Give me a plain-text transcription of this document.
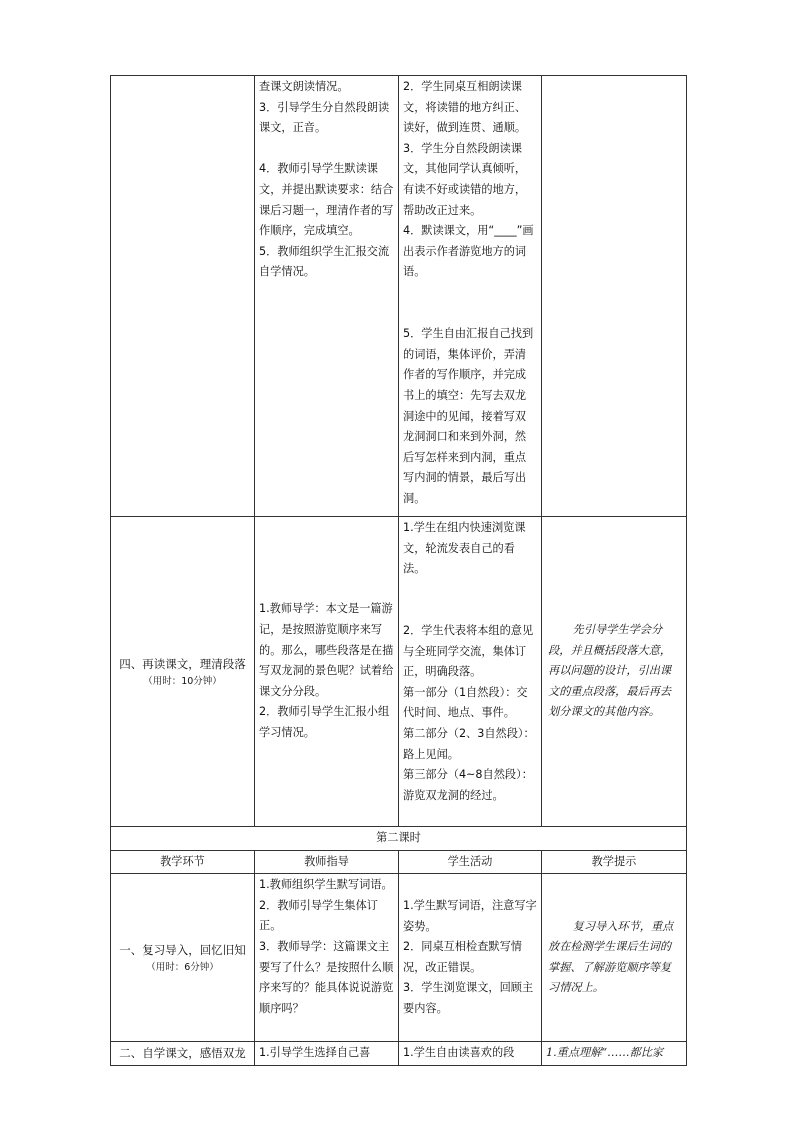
	查课文朗读情况。
3．引导学生分自然段朗读课文，正音。

4．教师引导学生默读课文，并提出默读要求：结合课后习题一，理清作者的写作顺序，完成填空。
5．教师组织学生汇报交流自学情况。	2．学生同桌互相朗读课文，将读错的地方纠正、读好，做到连贯、通顺。
3．学生分自然段朗读课文，其他同学认真倾听，有读不好或读错的地方，帮助改正过来。
4．默读课文，用“____”画出表示作者游览地方的词语。

5．学生自由汇报自己找到的词语，集体评价，弄清作者的写作顺序，并完成书上的填空：先写去双龙洞途中的见闻，接着写双龙洞洞口和来到外洞，然后写怎样来到内洞，重点写内洞的情景，最后写出洞。	

四、再读课文，理清段落
（用时：10分钟）	1.教师导学：本文是一篇游记，是按照游览顺序来写的。那么，哪些段落是在描写双龙洞的景色呢？试着给课文分分段。
2．教师引导学生汇报小组学习情况。	1.学生在组内快速浏览课文，轮流发表自己的看法。

2．学生代表将本组的意见与全班同学交流，集体订正，明确段落。
第一部分（1自然段）：交代时间、地点、事件。
第二部分（2、3自然段）：路上见闻。
第三部分（4~8自然段）：游览双龙洞的经过。	先引导学生学会分段，并且概括段落大意，再以问题的设计，引出课文的重点段落，最后再去划分课文的其他内容。

第二课时			
教学环节	教师指导	学生活动	教学提示

一、复习导入，回忆旧知
（用时：6分钟）	1.教师组织学生默写词语。
2．教师引导学生集体订正。
3．教师导学：这篇课文主要写了什么？是按照什么顺序来写的？能具体说说游览顺序吗？	1.学生默写词语，注意写字姿势。
2．同桌互相检查默写情况，改正错误。
3．学生浏览课文，回顾主要内容。	复习导入环节，重点放在检测学生课后生词的掌握、了解游览顺序等复习情况上。

二、自学课文，感悟双龙	1.引导学生选择自己喜	1.学生自由读喜欢的段	1.重点理解“……都比家
